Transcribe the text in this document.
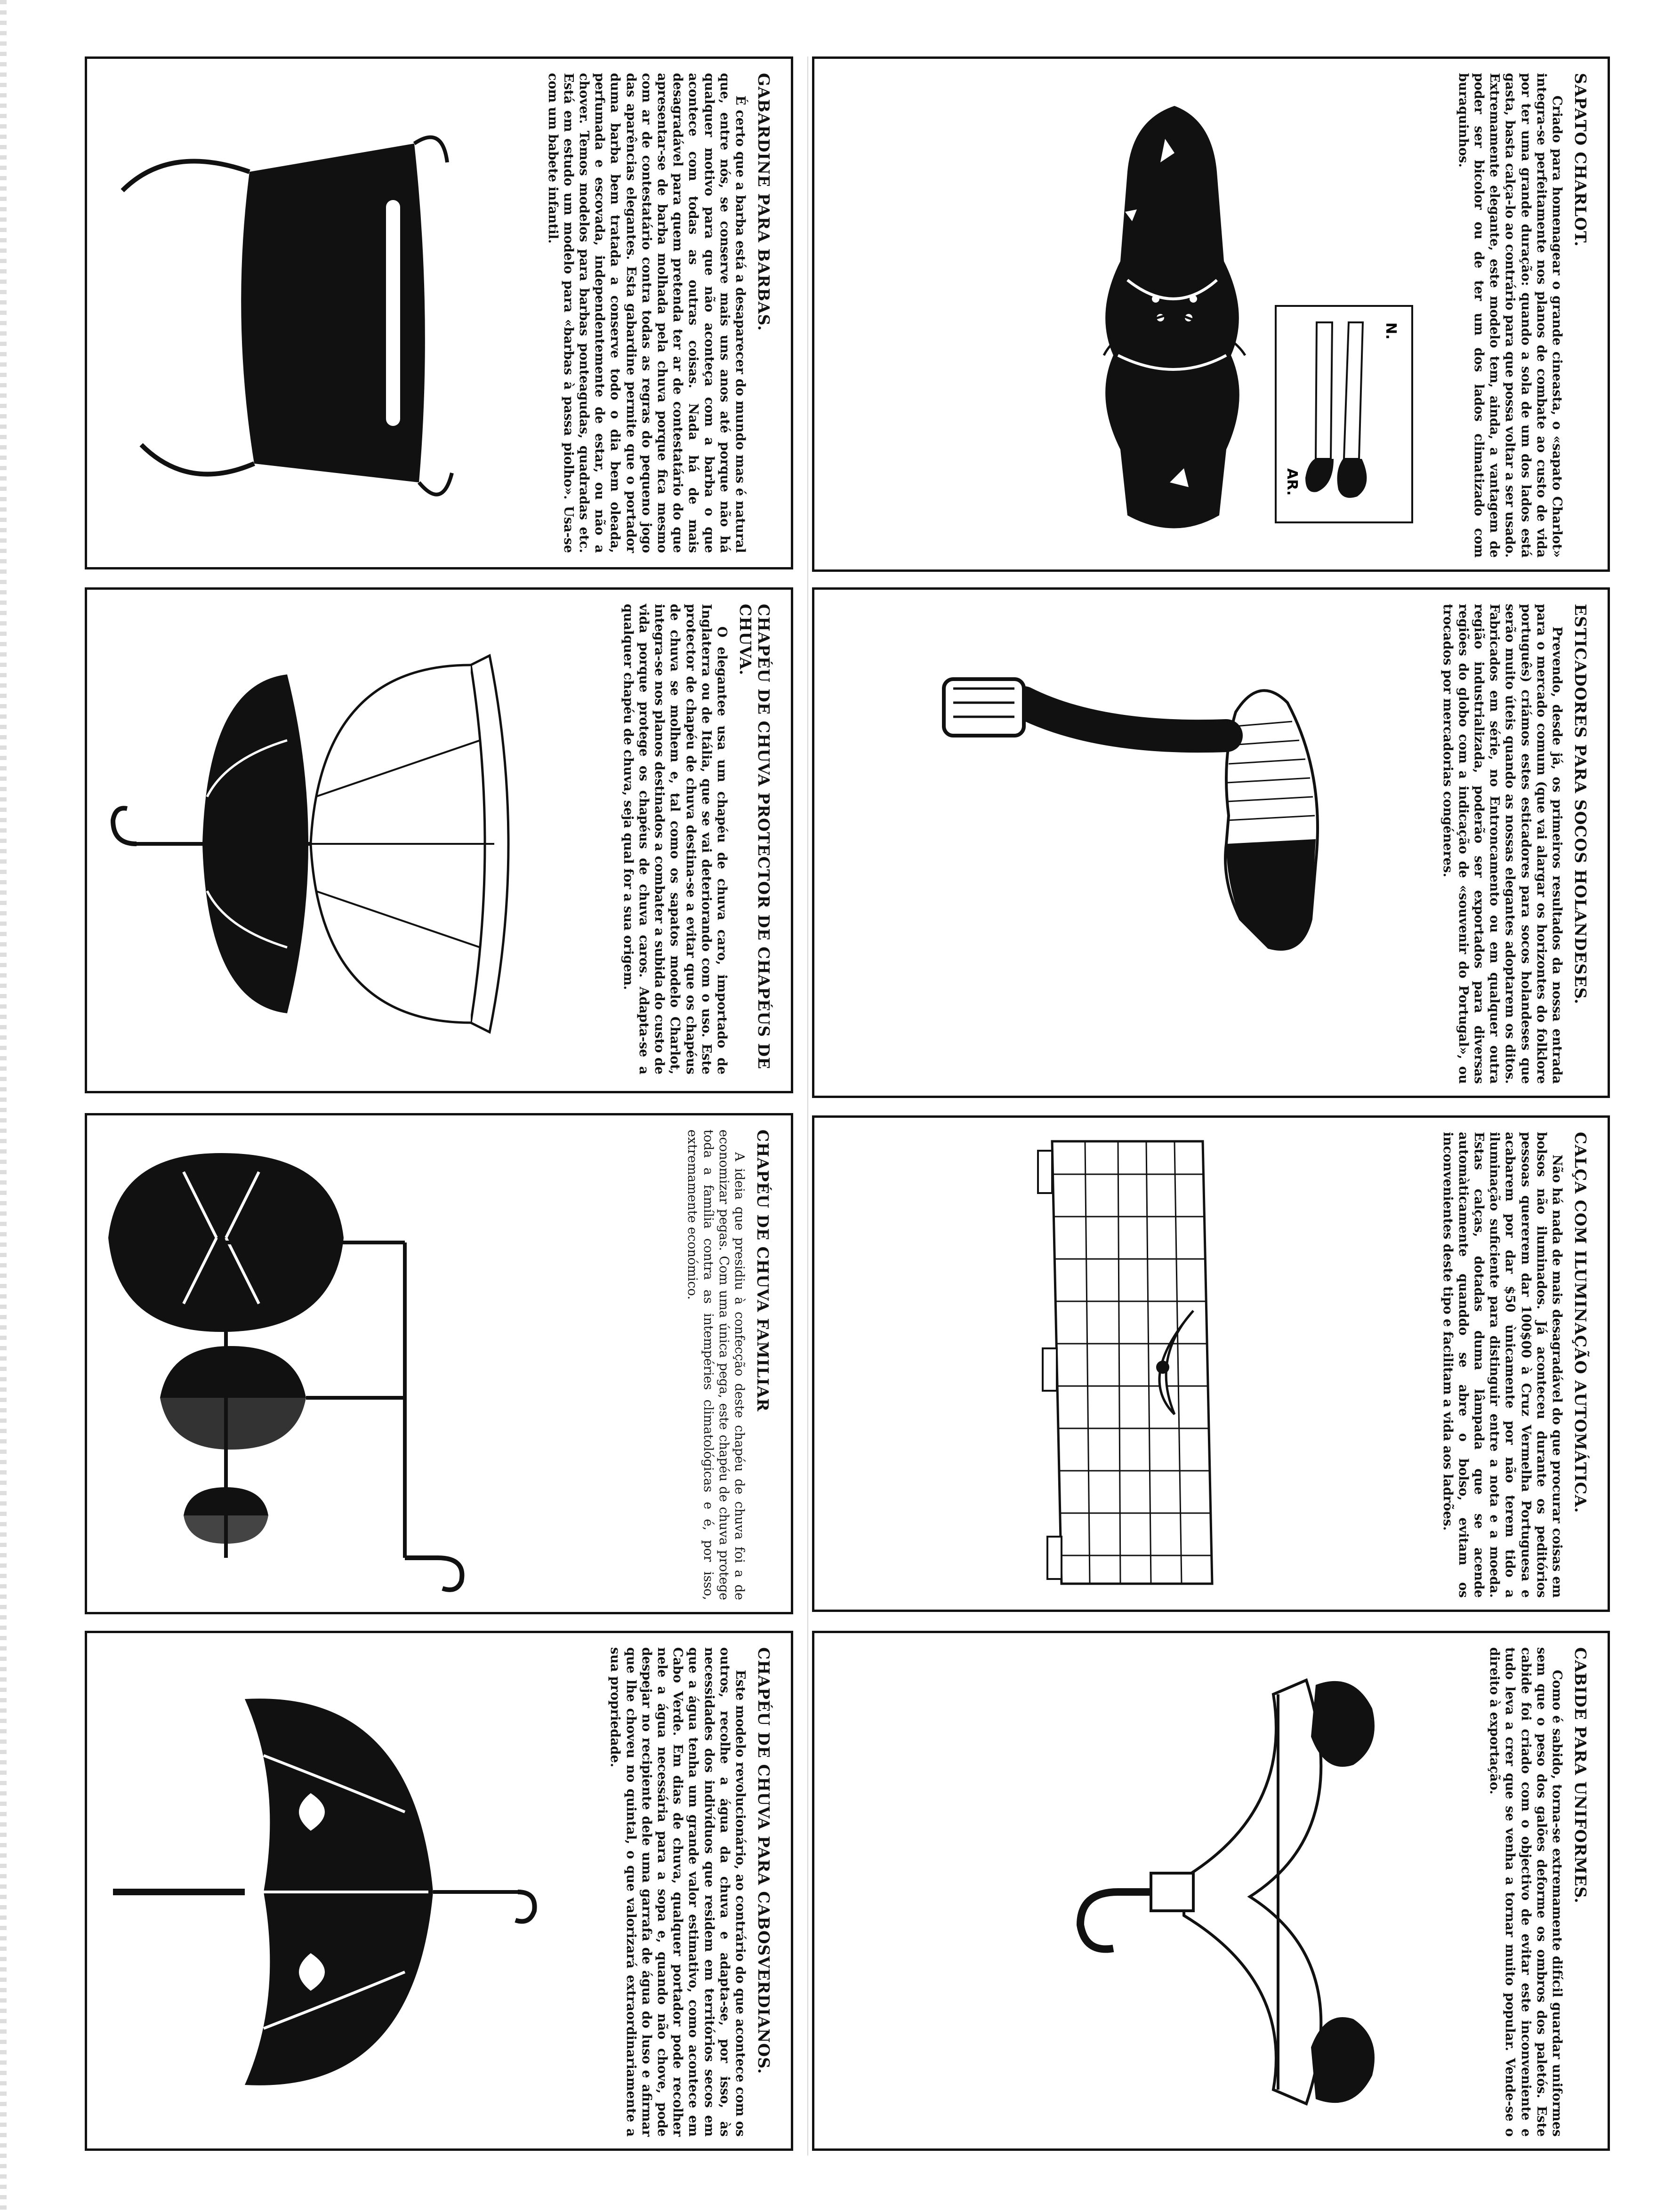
SAPATO CHARLOT.

Criado para homenagear o grande cineasta, o «sapato Charlot» integra-se perfeitamente nos planos de combate ao custo de vida por ter uma grande duração: quando a sola de um dos lados está gasta, basta calça-lo ao contrário para que possa voltar a ser usado. Extremamente elegante, este modelo tem, ainda, a vantagem de poder ser bicolor ou de ter um dos lados climatizado com buraquinhos.

N.
AR.
ESTICADORES PARA SOCOS HOLANDESES.

Prevendo, desde já, os primeiros resultados da nossa entrada para o mercado comum (que vai alargar os horizontes do folklore português) criámos estes esticadores para socos holandeses que serão muito úteis quando as nossas elegantes adoptarem os ditos. Fabricados em série, no Entroncamento ou em qualquer outra região industrializada, poderão ser exportados para diversas regiões do globo com a indicação de «souvenir do Portugal», ou trocados por mercadorias congéneres.

CALÇA COM ILUMINAÇÃO AUTOMÁTICA.

Não há nada de mais desagradável do que procurar coisas em bolsos não iluminados. Já aconteceu durante os peditórios pessoas quererem dar 100$00 à Cruz Vermelha Portuguesa e acabarem por dar $50 ùnicamente por não terem tido a iluminação suficiente para distinguir entre a nota e a moeda. Estas calças, dotadas duma lâmpada que se acende automàticamente quanddo se abre o bolso, evitam os inconvenientes deste tipo e facilitam a vida aos ladrões.

CABIDE PARA UNIFORMES.

Como é sabido, torna-se extremamente difícil guardar uniformes sem que o peso dos galões deforme os ombros dos paletós. Este cabide foi criado com o objectivo de evitar este inconveniente e tudo leva a crer que se venha a tornar muito popular. Vende-se o direito à exportação.

GABARDINE PARA BARBAS.

É certo que a barba está a desaparecer do mundo mas é natural que, entre nós, se conserve mais uns anos até porque não há qualquer motivo para que não aconteça com a barba o que acontece com todas as outras coisas. Nada há de mais desagradável para quem pretenda ter ar de contestatário do que apresentar-se de barba molhada pela chuva porque fica mesmo com ar de contestatário contra todas as regras do pequeno jogo das aparências elegantes. Esta gabardine permite que o portador duma barba bem tratada a conserve todo o dia bem oleada, perfumada e escovada, independentemente de estar, ou não a chover. Temos modelos para barbas ponteagudas, quadradas etc. Está em estudo um modelo para «barbas à passa piolho». Usa-se com um babete infantil.

CHAPÉU DE CHUVA PROTECTOR DE CHAPÉUS DE CHUVA.

O elegantee usa um chapéu de chuva caro, importado de Inglaterra ou de Itália, que se vai deteriorando com o uso. Este protector de chapéu de chuva destina-se a evitar que os chapéus de chuva se molhem e, tal como os sapatos modelo Charlot, integra-se nos planos destinados a combater a subida do custo de vida porque protege os chapéus de chuva caros. Adapta-se a qualquer chapéu de chuva, seja qual for a sua origem.

CHAPÉU DE CHUVA FAMILIAR

A ideia que presidiu à confecção deste chapéu de chuva foi a de economizar pegas. Com uma única pega, este chapéu de chuva protege toda a família contra as intempéries climatológicas e é, por isso, extremamente económico.

CHAPÉU DE CHUVA PARA CABOSVERDIANOS.

Este modelo revolucionário, ao contrário do que acontece com os outros, recolhe a água da chuva e adapta-se, por isso, às necessidades dos indivíduos que residem em territórios secos em que a água tenha um grande valor estimativo, como acontece em Cabo Verde. Em dias de chuva, qualquer portador pode recolher nele a água necessária para a sopa e, quando não chove, pode despejar no recipiente dele uma garrafa de água do luso e afirmar que lhe choveu no quintal, o que valorizará extraordinariamente a sua propriedade.
